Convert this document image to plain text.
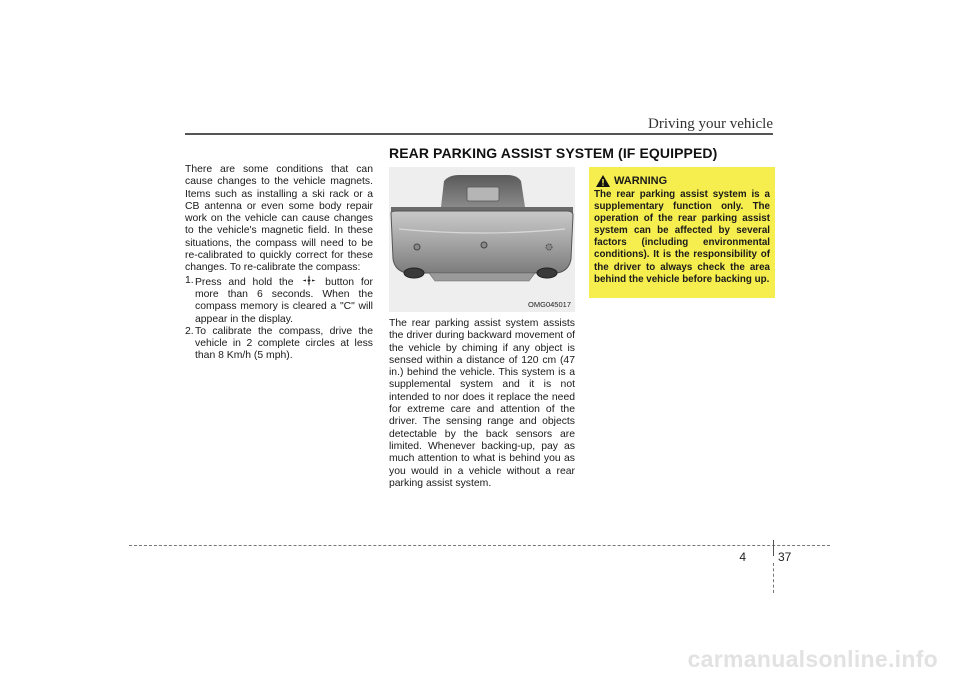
Driving your vehicle
REAR PARKING ASSIST SYSTEM (IF EQUIPPED)

There are some conditions that can cause changes to the vehicle magnets. Items such as installing a ski rack or a CB antenna or even some body repair work on the vehicle can cause changes to the vehicle's magnetic field. In these situations, the compass will need to be re-calibrated to quickly correct for these changes. To re-calibrate the compass:

1. Press and hold the	button for more than 6 seconds. When the compass memory is cleared a "C" will appear in the display.
2. To calibrate the compass, drive the vehicle in 2 complete circles at less than 8 Km/h (5 mph).
OMG045017

The rear parking assist system assists the driver during backward movement of the vehicle by chiming if any object is sensed within a distance of 120 cm (47 in.) behind the vehicle. This system is a supplemental system and it is not intended to nor does it replace the need for extreme care and attention of the driver. The sensing range and objects detectable by the back sensors are limited. Whenever backing-up, pay as much attention to what is behind you as you would in a vehicle without a rear parking assist system.

WARNING

The rear parking assist system is a supplementary function only. The operation of the rear parking assist system can be affected by several factors (including environmental conditions). It is the responsibility of the driver to always check the area behind the vehicle before backing up.

4	37
carmanualsonline.info
